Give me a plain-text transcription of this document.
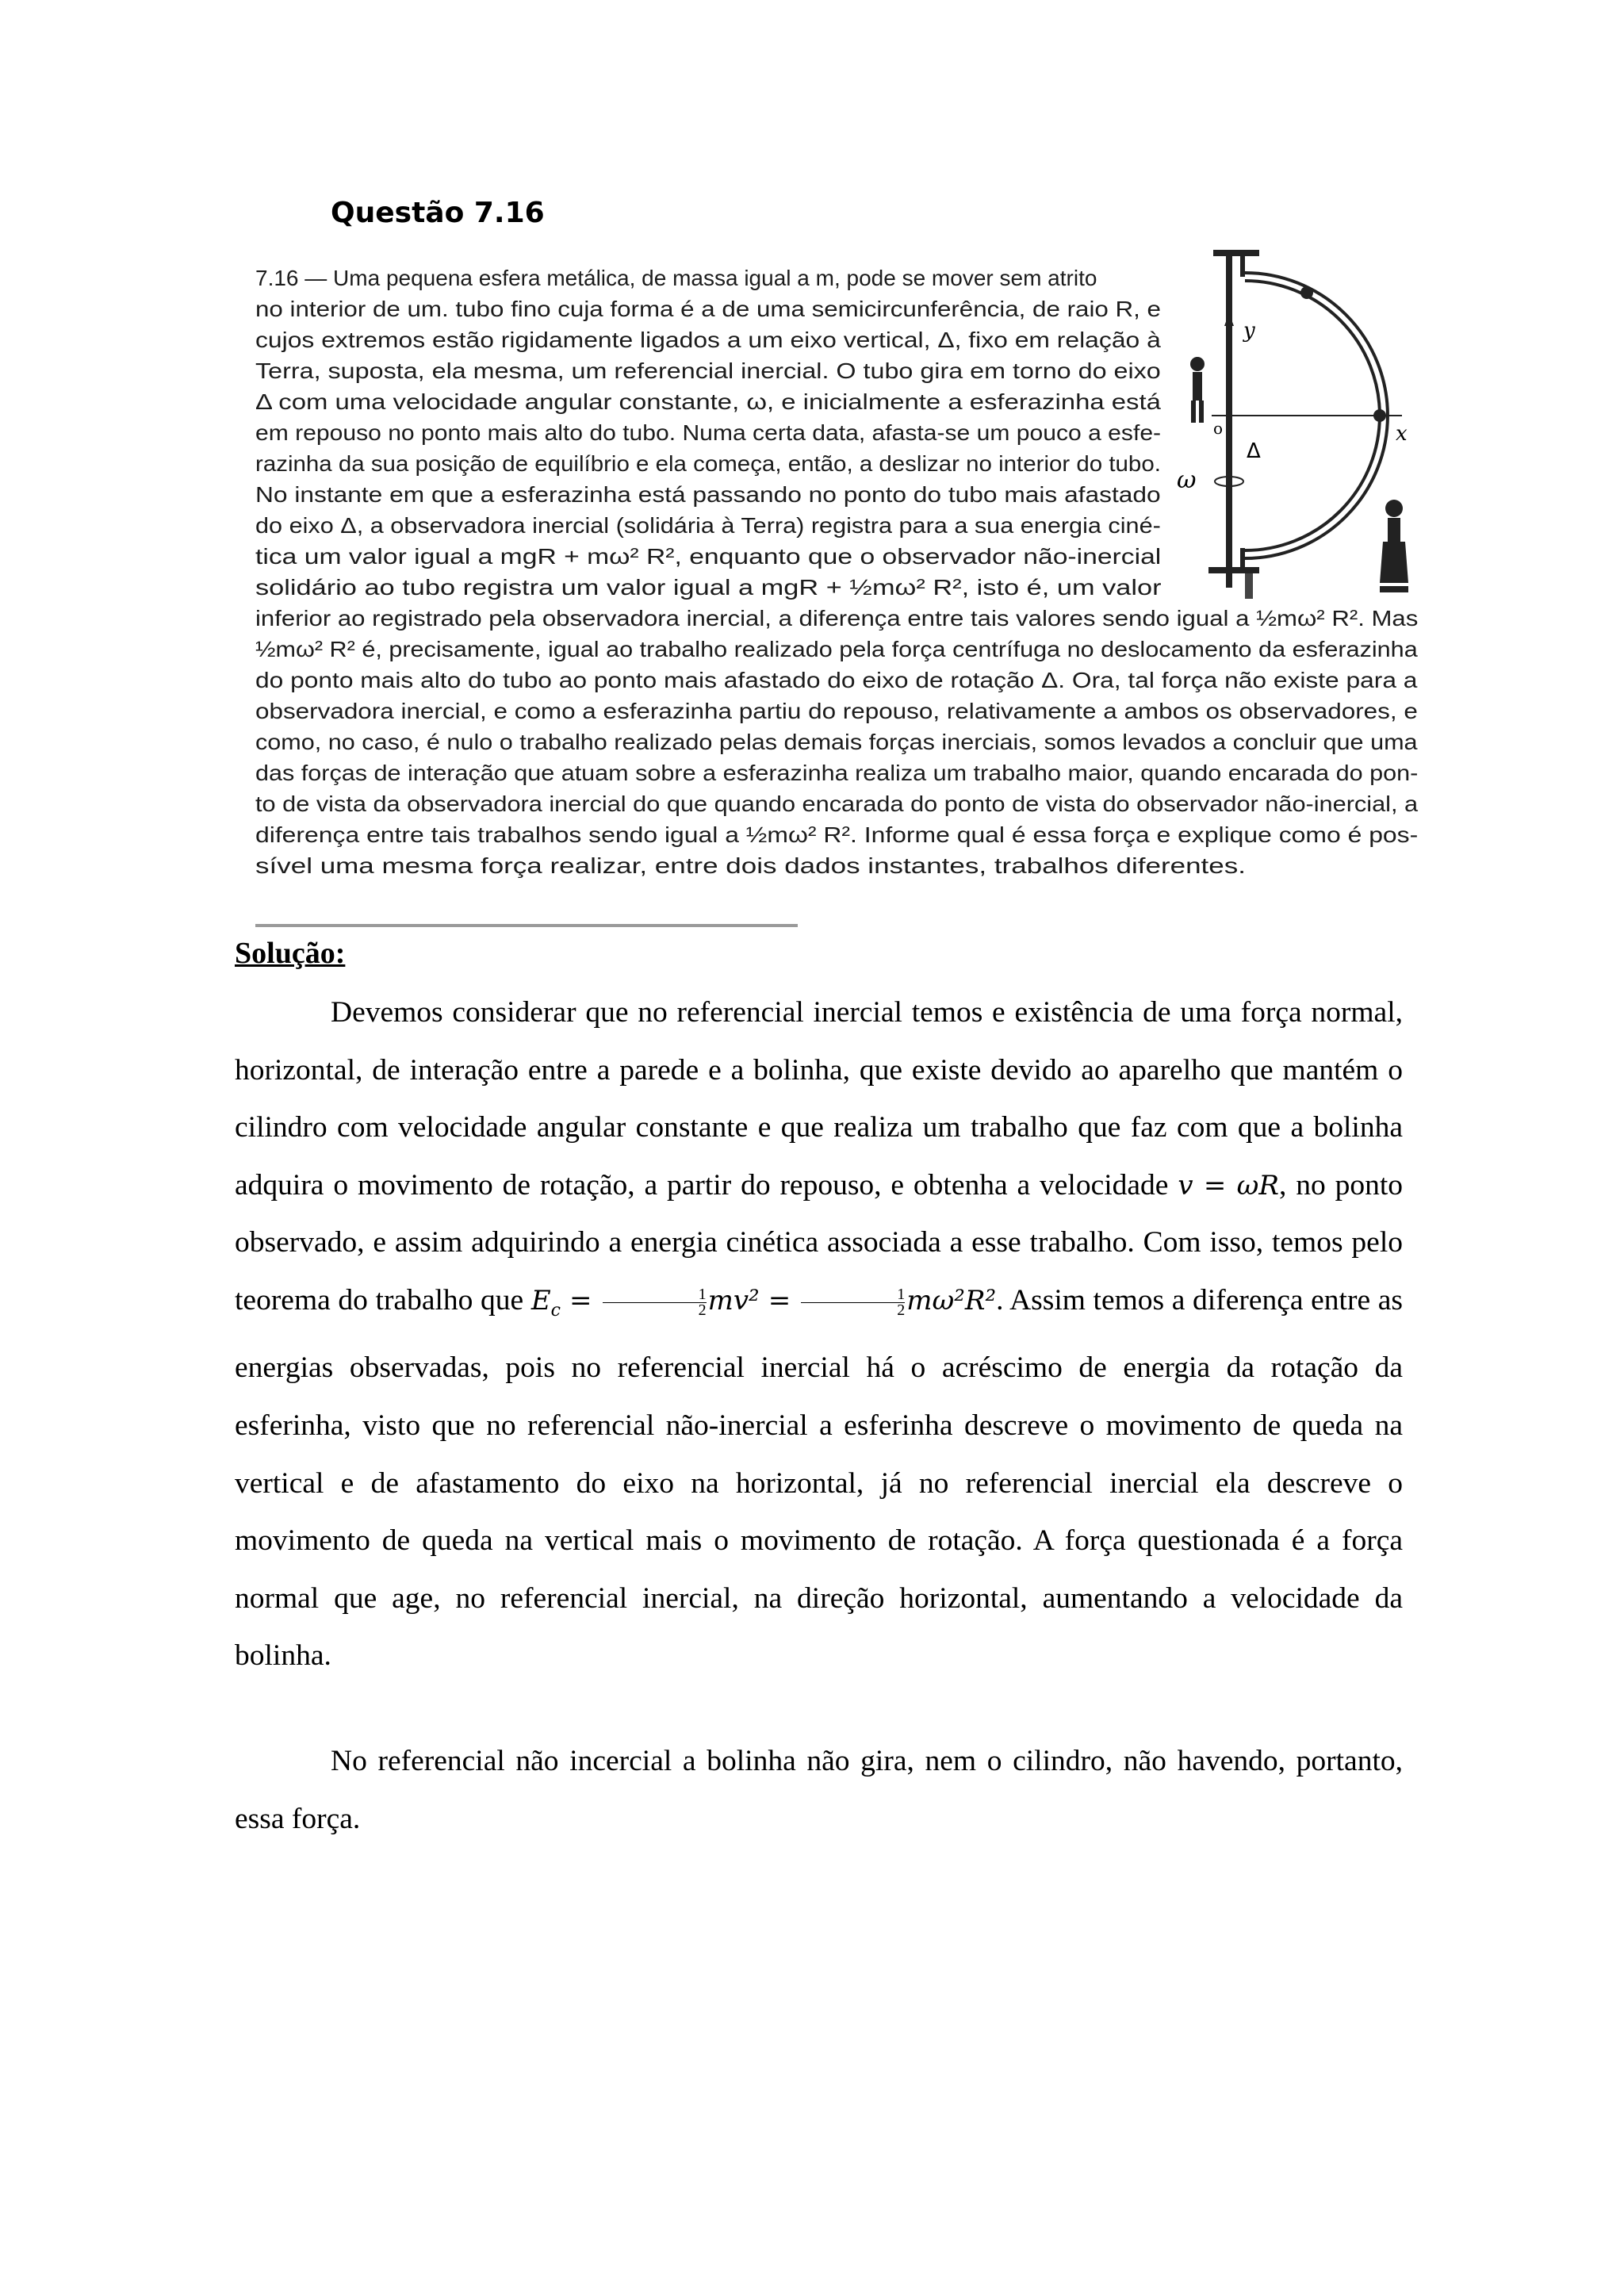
Questão 7.16
7.16 — Uma pequena esfera metálica, de massa igual a m, pode se mover sem atrito
no interior de um. tubo fino cuja forma é a de uma semicircunferência, de raio R, e
cujos extremos estão rigidamente ligados a um eixo vertical, Δ, fixo em relação à
Terra, suposta, ela mesma, um referencial inercial. O tubo gira em torno do eixo
Δ com uma velocidade angular constante, ω, e inicialmente a esferazinha está
em repouso no ponto mais alto do tubo. Numa certa data, afasta-se um pouco a esfe-
razinha da sua posição de equilíbrio e ela começa, então, a deslizar no interior do tubo.
No instante em que a esferazinha está passando no ponto do tubo mais afastado
do eixo Δ, a observadora inercial (solidária à Terra) registra para a sua energia ciné-
tica um valor igual a mgR + mω² R², enquanto que o observador não-inercial
solidário ao tubo registra um valor igual a mgR + ½mω² R², isto é, um valor
inferior ao registrado pela observadora inercial, a diferença entre tais valores sendo igual a ½mω² R². Mas
½mω² R² é, precisamente, igual ao trabalho realizado pela força centrífuga no deslocamento da esferazinha
do ponto mais alto do tubo ao ponto mais afastado do eixo de rotação Δ. Ora, tal força não existe para a
observadora inercial, e como a esferazinha partiu do repouso, relativamente a ambos os observadores, e
como, no caso, é nulo o trabalho realizado pelas demais forças inerciais, somos levados a concluir que uma
das forças de interação que atuam sobre a esferazinha realiza um trabalho maior, quando encarada do pon-
to de vista da observadora inercial do que quando encarada do ponto de vista do observador não-inercial, a
diferença entre tais trabalhos sendo igual a ½mω² R². Informe qual é essa força e explique como é pos-
sível uma mesma força realizar, entre dois dados instantes, trabalhos diferentes.
y
x
o
Δ
ω
Solução:

Devemos considerar que no referencial inercial temos e existência de uma força normal, horizontal, de interação entre a parede e a bolinha, que existe devido ao aparelho que mantém o cilindro com velocidade angular constante e que realiza um trabalho que faz com que a bolinha adquira o movimento de rotação, a partir do repouso, e obtenha a velocidade v = ωR, no ponto observado, e assim adquirindo a energia cinética associada a esse trabalho. Com isso, temos pelo teorema do trabalho que $E_c = \frac{1}{2} mv^2 = \frac{1}{2} m\omega^2R^2$. Assim temos a diferença entre as energias observadas, pois no referencial inercial há o acréscimo de energia da rotação da esferinha, visto que no referencial não-inercial a esferinha descreve o movimento de queda na vertical e de afastamento do eixo na horizontal, já no referencial inercial ela descreve o movimento de queda na vertical mais o movimento de rotação. A força questionada é a força normal que age, no referencial inercial, na direção horizontal, aumentando a velocidade da bolinha.

No referencial não incercial a bolinha não gira, nem o cilindro, não havendo, portanto, essa força.
